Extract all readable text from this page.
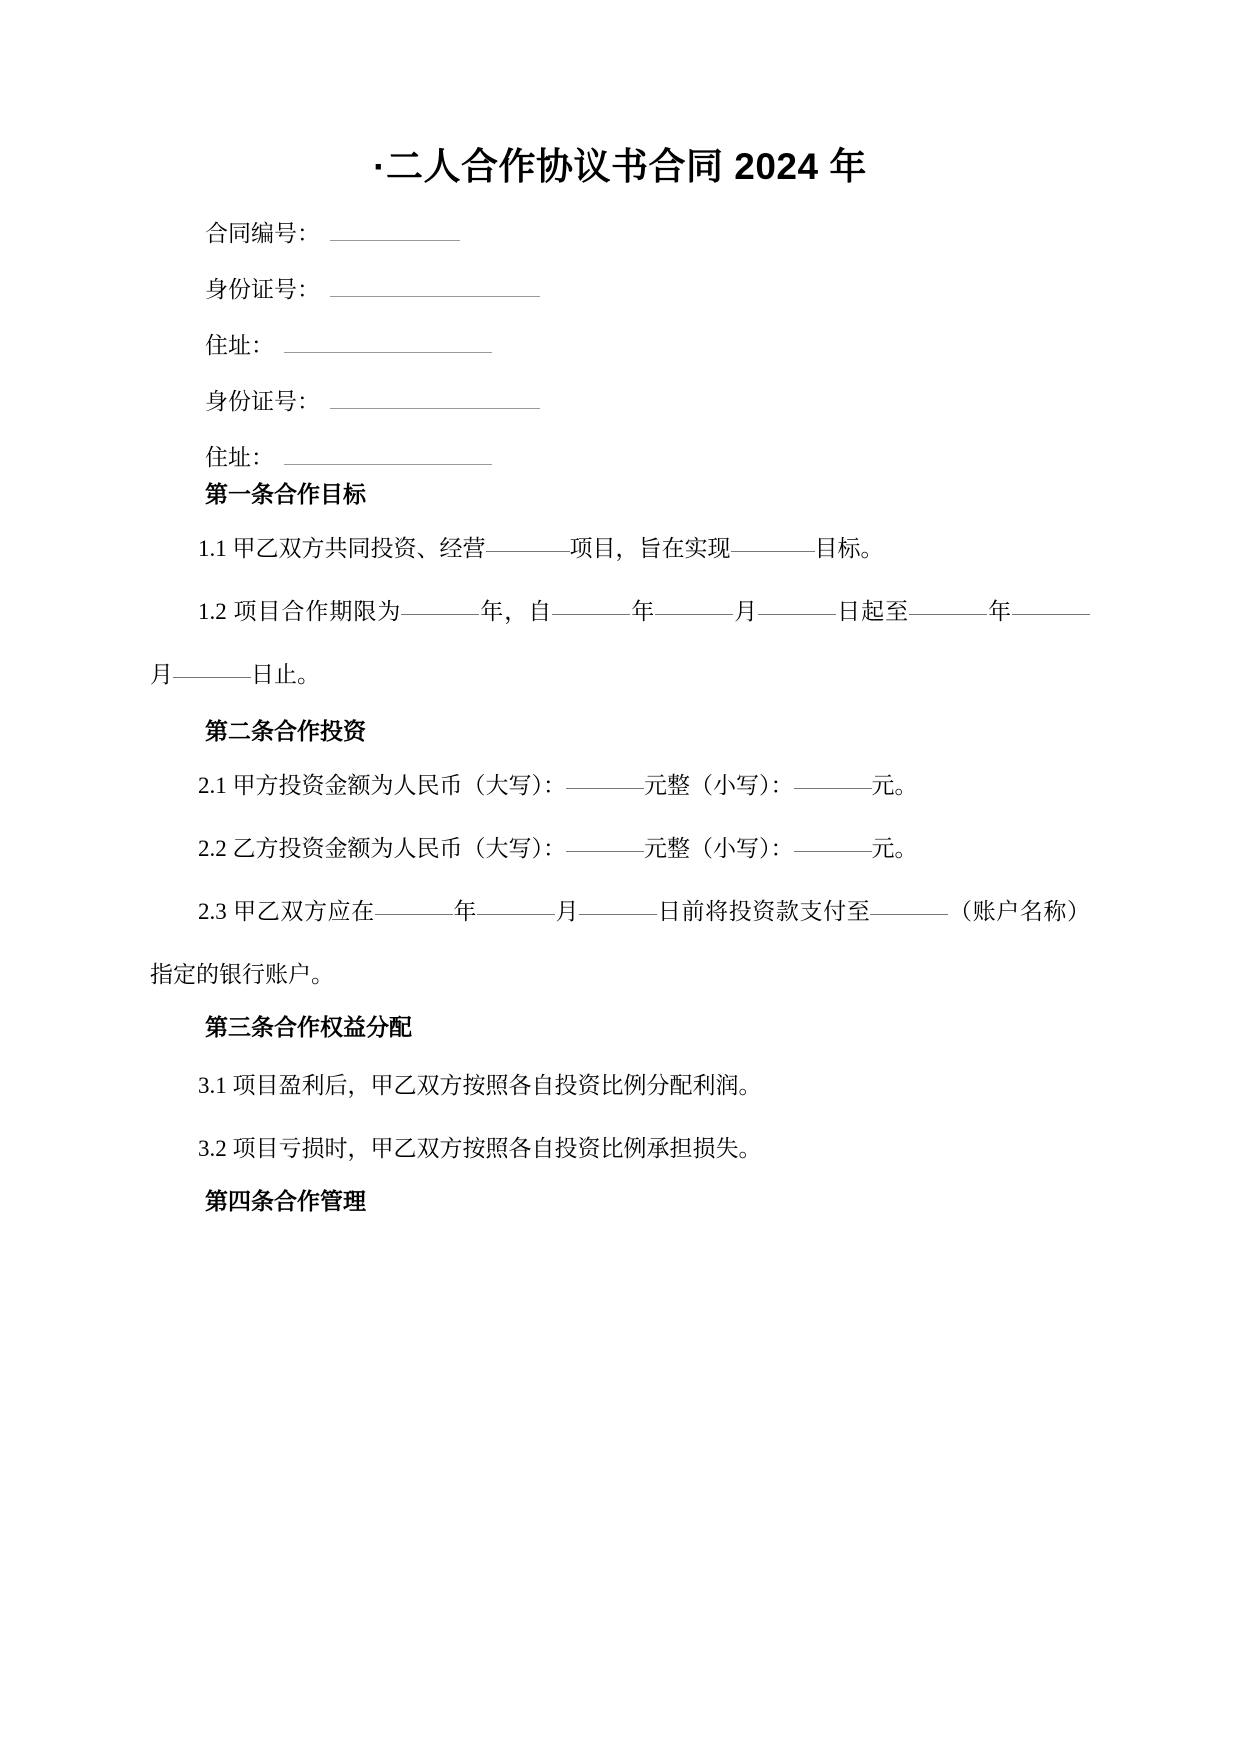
·二人合作协议书合同 2024 年
合同编号：
身份证号：
住址：
身份证号：
住址：
第一条合作目标

1.1 甲乙双方共同投资、经营	项目，旨在实现	目标。

1.2 项目合作期限为	年，自	年	月	日起至	年月	日止。

第二条合作投资

2.1 甲方投资金额为人民币（大写）：	元整（小写）：	元。

2.2 乙方投资金额为人民币（大写）：	元整（小写）：	元。

2.3 甲乙双方应在	年	月	日前将投资款支付至	（账户名称）指定的银行账户。

第三条合作权益分配

3.1 项目盈利后，甲乙双方按照各自投资比例分配利润。

3.2 项目亏损时，甲乙双方按照各自投资比例承担损失。

第四条合作管理
